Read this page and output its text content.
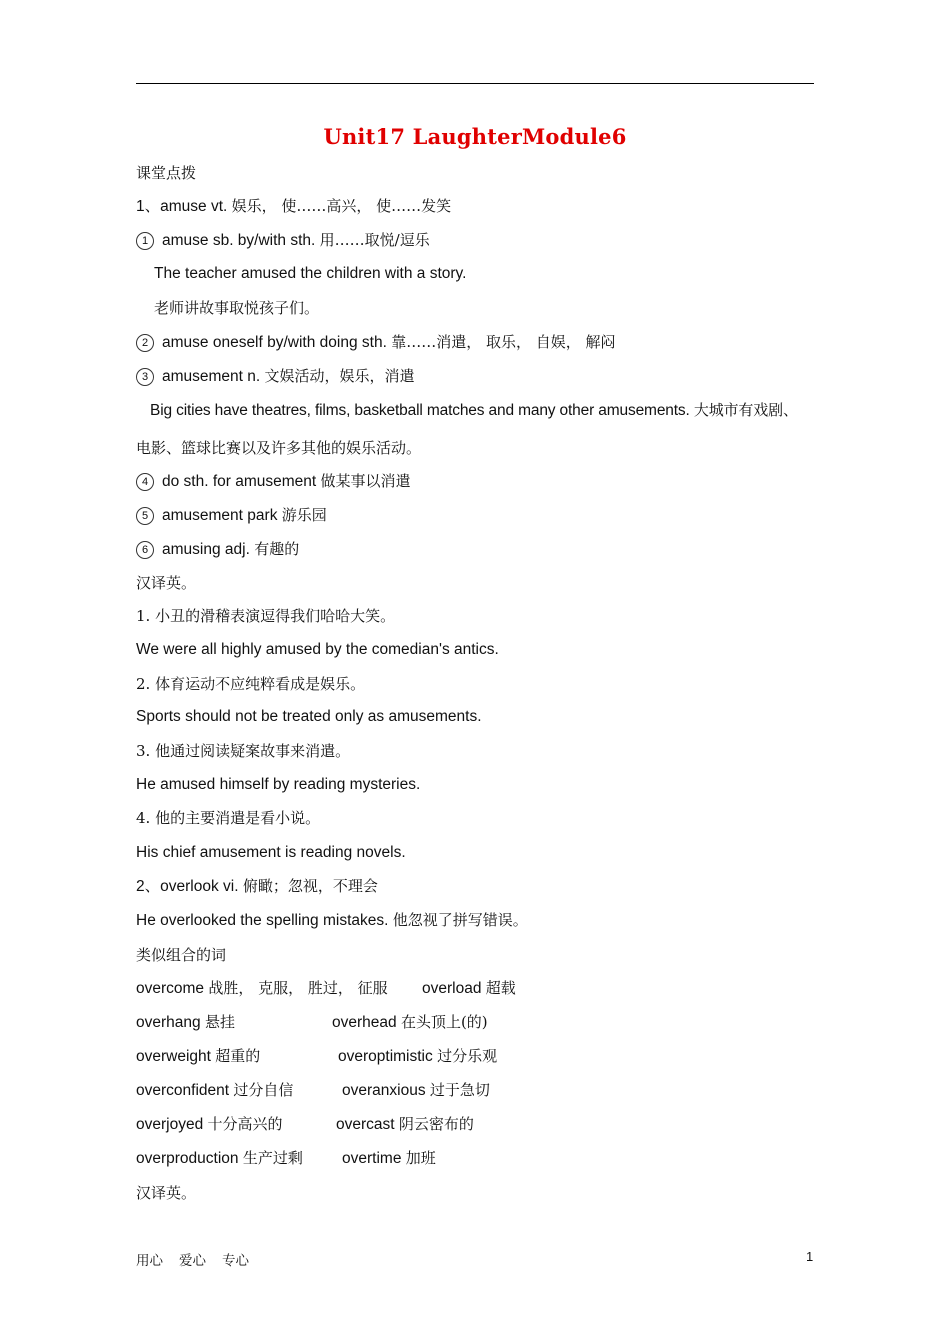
Unit17 LaughterModule6
课堂点拨
1、amuse vt. 娱乐， 使……高兴， 使……发笑
1 amuse sb. by/with sth. 用……取悦/逗乐
The teacher amused the children with a story.
老师讲故事取悦孩子们。
2 amuse oneself by/with doing sth. 靠……消遣， 取乐， 自娱， 解闷
3 amusement n. 文娱活动，娱乐，消遣
Big cities have theatres, films, basketball matches and many other amusements. 大城市有戏剧、
电影、篮球比赛以及许多其他的娱乐活动。
4 do sth. for amusement 做某事以消遣
5 amusement park 游乐园
6 amusing adj. 有趣的
汉译英。
1. 小丑的滑稽表演逗得我们哈哈大笑。
We were all highly amused by the comedian's antics.
2. 体育运动不应纯粹看成是娱乐。
Sports should not be treated only as amusements.
3. 他通过阅读疑案故事来消遣。
He amused himself by reading mysteries.
4. 他的主要消遣是看小说。
His chief amusement is reading novels.
2、overlook vi. 俯瞰；忽视，不理会
He overlooked the spelling mistakes. 他忽视了拼写错误。
类似组合的词
overcome 战胜， 克服， 胜过， 征服 overload 超载
overhang 悬挂	overhead 在头顶上(的)
overweight 超重的	overoptimistic 过分乐观
overconfident 过分自信	overanxious 过于急切
overjoyed 十分高兴的	overcast 阴云密布的
overproduction 生产过剩	overtime 加班
汉译英。
用心 爱心 专心	1
